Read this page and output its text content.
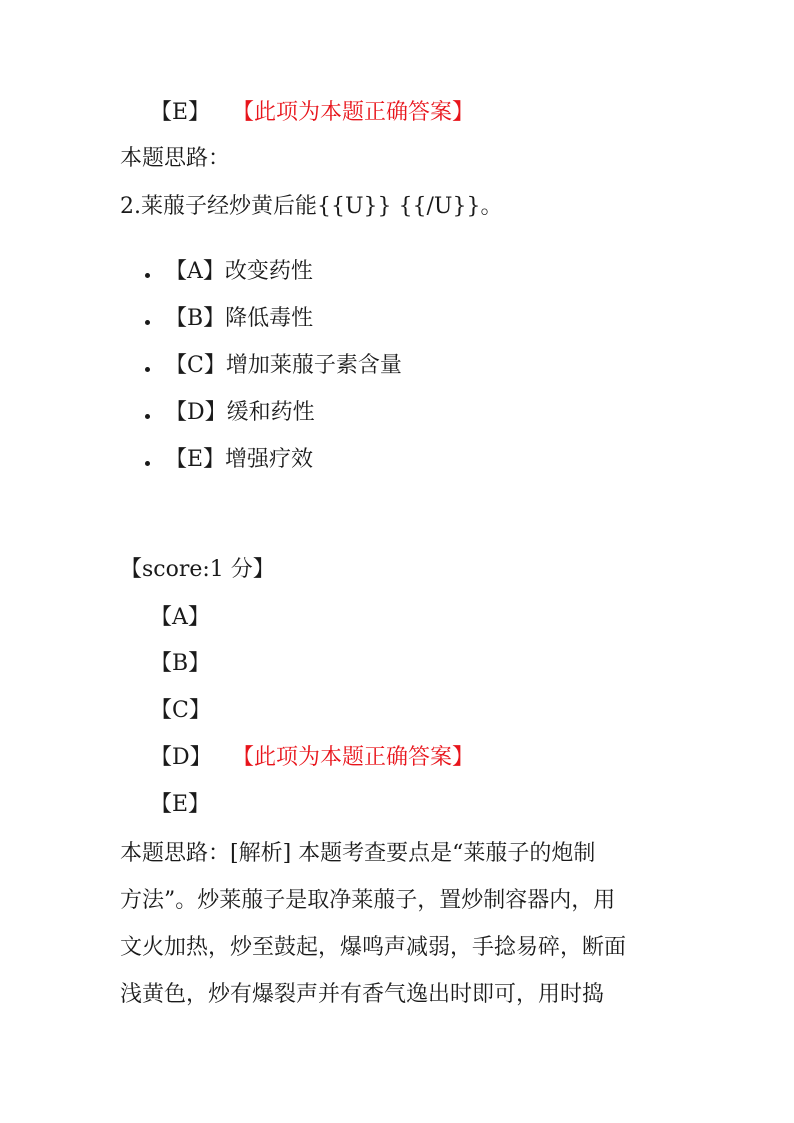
【E】 【此项为本题正确答案】
本题思路：
2.莱菔子经炒黄后能{{U}} {{/U}}。
【A】改变药性
【B】降低毒性
【C】增加莱菔子素含量
【D】缓和药性
【E】增强疗效
【score:1 分】
【A】
【B】
【C】
【D】 【此项为本题正确答案】
【E】
本题思路：[解析] 本题考查要点是“莱菔子的炮制
方法”。炒莱菔子是取净莱菔子，置炒制容器内，用
文火加热，炒至鼓起，爆鸣声减弱，手捻易碎，断面
浅黄色，炒有爆裂声并有香气逸出时即可，用时捣
